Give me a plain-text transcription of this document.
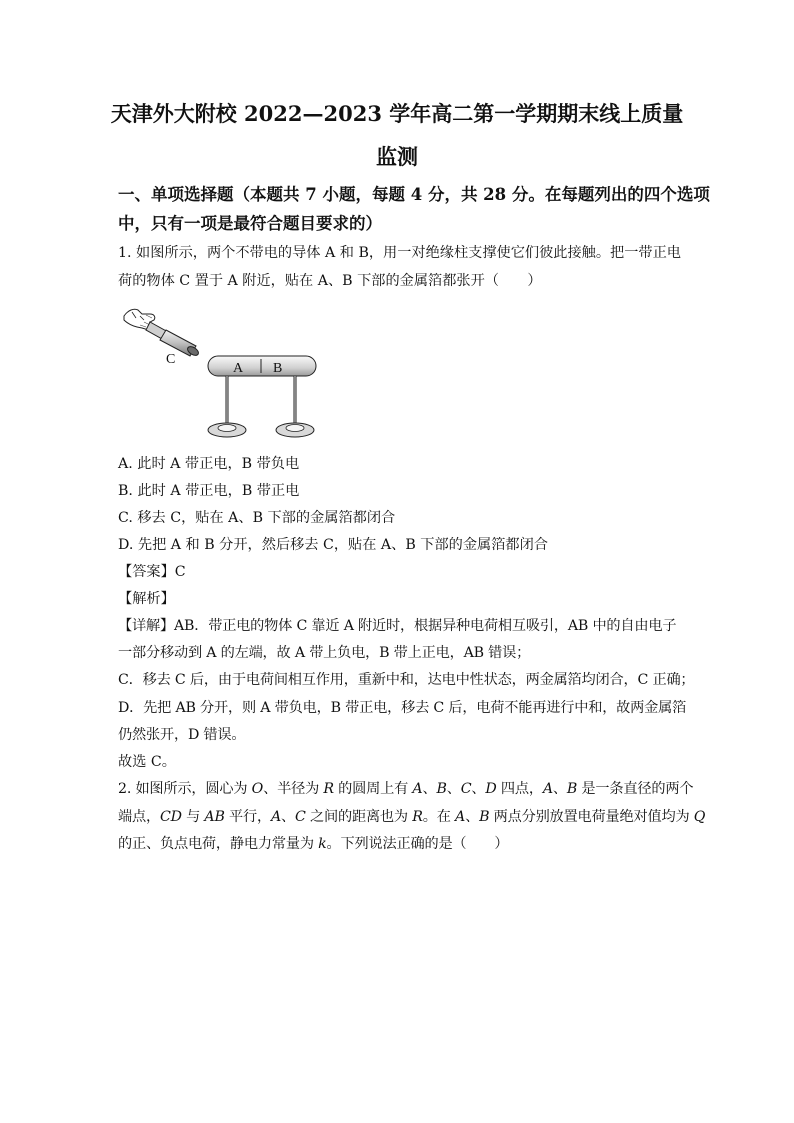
天津外大附校 2022—2023 学年高二第一学期期末线上质量
监测
一、单项选择题（本题共 7 小题，每题 4 分，共 28 分。在每题列出的四个选项
中，只有一项是最符合题目要求的）
1. 如图所示，两个不带电的导体 A 和 B，用一对绝缘柱支撑使它们彼此接触。把一带正电
荷的物体 C 置于 A 附近，贴在 A、B 下部的金属箔都张开（　　）
C
A B
A. 此时 A 带正电，B 带负电
B. 此时 A 带正电，B 带正电
C. 移去 C，贴在 A、B 下部的金属箔都闭合
D. 先把 A 和 B 分开，然后移去 C，贴在 A、B 下部的金属箔都闭合
【答案】C
【解析】
【详解】AB．带正电的物体 C 靠近 A 附近时，根据异种电荷相互吸引，AB 中的自由电子
一部分移动到 A 的左端，故 A 带上负电，B 带上正电，AB 错误；
C．移去 C 后，由于电荷间相互作用，重新中和，达电中性状态，两金属箔均闭合，C 正确；
D．先把 AB 分开，则 A 带负电，B 带正电，移去 C 后，电荷不能再进行中和，故两金属箔
仍然张开，D 错误。
故选 C。
2. 如图所示，圆心为 O、半径为 R 的圆周上有 A、B、C、D 四点，A、B 是一条直径的两个
端点，CD 与 AB 平行，A、C 之间的距离也为 R。在 A、B 两点分别放置电荷量绝对值均为 Q
的正、负点电荷，静电力常量为 k。下列说法正确的是（　　）
